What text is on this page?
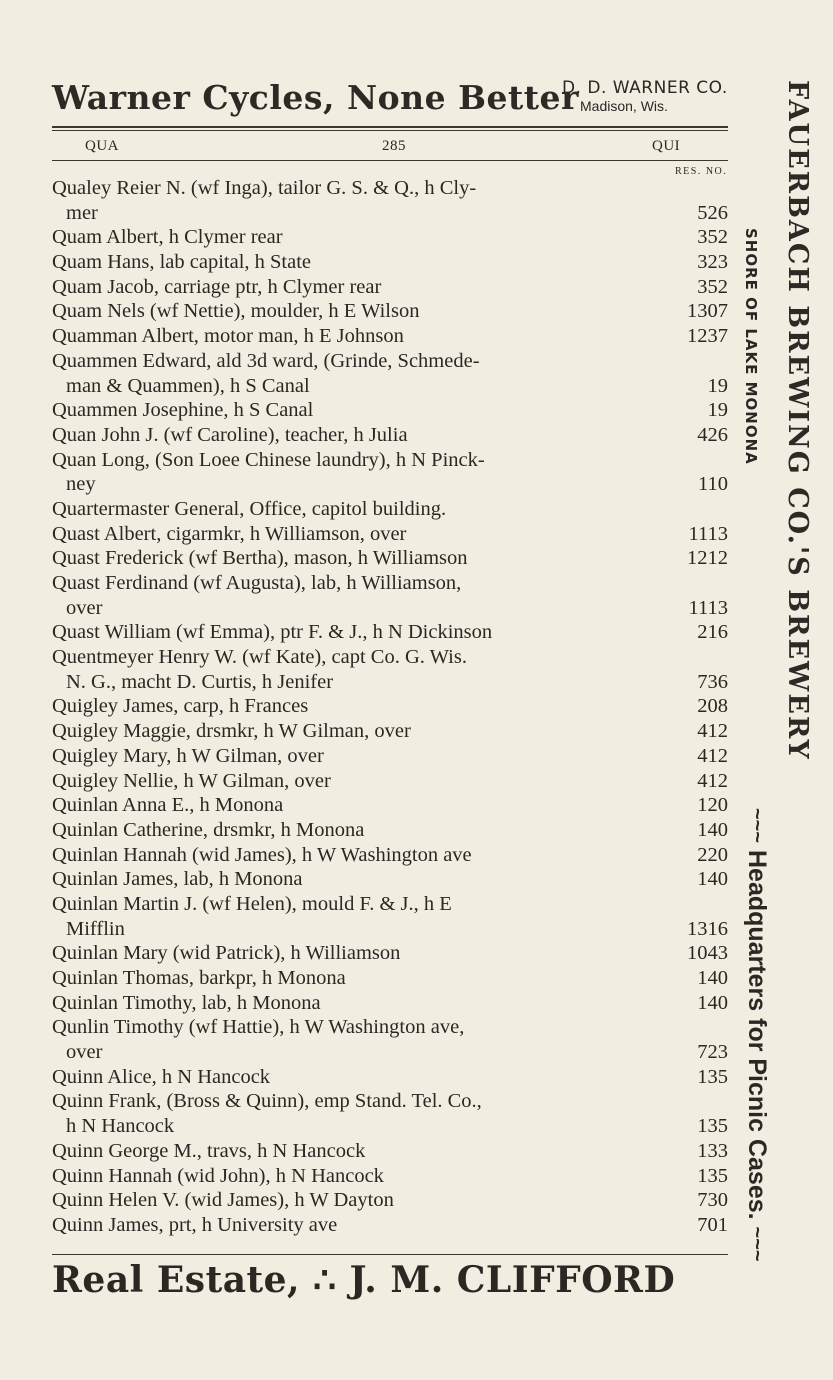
Warner Cycles, None Better
D. D. WARNER CO.
Madison, Wis.
QUA	285	QUI
RES. NO.
Qualey Reier N. (wf Inga), tailor G. S. & Q., h Cly-
mer	526
Quam Albert, h Clymer rear	352
Quam Hans, lab capital, h State	323
Quam Jacob, carriage ptr, h Clymer rear	352
Quam Nels (wf Nettie), moulder, h E Wilson	1307
Quamman Albert, motor man, h E Johnson	1237
Quammen Edward, ald 3d ward, (Grinde, Schmede-
man & Quammen), h S Canal	19
Quammen Josephine, h S Canal	19
Quan John J. (wf Caroline), teacher, h Julia	426
Quan Long, (Son Loee Chinese laundry), h N Pinck-
ney	110
Quartermaster General, Office, capitol building.
Quast Albert, cigarmkr, h Williamson, over	1113
Quast Frederick (wf Bertha), mason, h Williamson	1212
Quast Ferdinand (wf Augusta), lab, h Williamson,
over	1113
Quast William (wf Emma), ptr F. & J., h N Dickinson	216
Quentmeyer Henry W. (wf Kate), capt Co. G. Wis.
N. G., macht D. Curtis, h Jenifer	736
Quigley James, carp, h Frances	208
Quigley Maggie, drsmkr, h W Gilman, over	412
Quigley Mary, h W Gilman, over	412
Quigley Nellie, h W Gilman, over	412
Quinlan Anna E., h Monona	120
Quinlan Catherine, drsmkr, h Monona	140
Quinlan Hannah (wid James), h W Washington ave	220
Quinlan James, lab, h Monona	140
Quinlan Martin J. (wf Helen), mould F. & J., h E
Mifflin	1316
Quinlan Mary (wid Patrick), h Williamson	1043
Quinlan Thomas, barkpr, h Monona	140
Quinlan Timothy, lab, h Monona	140
Qunlin Timothy (wf Hattie), h W Washington ave,
over	723
Quinn Alice, h N Hancock	135
Quinn Frank, (Bross & Quinn), emp Stand. Tel. Co.,
h N Hancock	135
Quinn George M., travs, h N Hancock	133
Quinn Hannah (wid John), h N Hancock	135
Quinn Helen V. (wid James), h W Dayton	730
Quinn James, prt, h University ave	701
Real Estate, ∴ J. M. CLIFFORD
FAUERBACH BREWING CO.'S BREWERY
SHORE OF LAKE MONONA
~~~ Headquarters for Picnic Cases. ~~~
